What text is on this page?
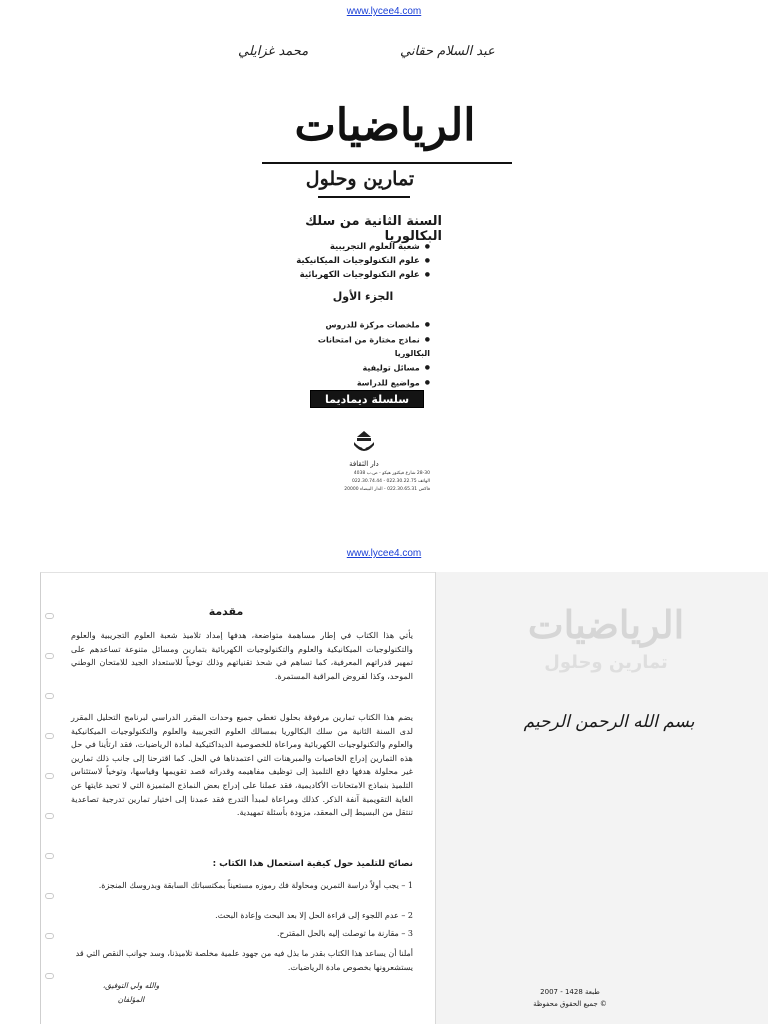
www.lycee4.com
عبد السلام حقاني
محمد غزايلي
الرياضيات
تمارين وحلول
السنة الثانية من سلك البكالوريا
● شعبة العلوم التجريبية
● علوم التكنولوجيات الميكانيكية
● علوم التكنولوجيات الكهربائية
الجزء الأول
● ملخصات مركزة للدروس
● نماذج مختارة من امتحانات البكالوريا
● مسائل توليفية
● مواضيع للدراسة
سلسلة ديماديما
دار الثقافة
28-30 شارع فيكتور هيكو - ص.ب 4038
الهاتف 022.30.22.75 - 022.30.74.44
فاكس 022.30.65.31 - الدار البيضاء 20000
www.lycee4.com
مقدمة

يأتي هذا الكتاب في إطار مساهمة متواضعة، هدفها إمداد تلاميذ شعبة العلوم التجريبية والعلوم والتكنولوجيات الميكانيكية والعلوم والتكنولوجيات الكهربائية بتمارين ومسائل متنوعة تساعدهم على تمهير قدراتهم المعرفية، كما تساهم في شحذ تقنياتهم وذلك توخياً للاستعداد الجيد للامتحان الوطني الموحد، وكذا لفروض المراقبة المستمرة.

يضم هذا الكتاب تمارين مرفوقة بحلول تغطي جميع وحدات المقرر الدراسي لبرنامج التحليل المقرر لدى السنة الثانية من سلك البكالوريا بمسالك العلوم التجريبية والعلوم والتكنولوجيات الميكانيكية والعلوم والتكنولوجيات الكهربائية ومراعاة للخصوصية الديداكتيكية لمادة الرياضيات، فقد ارتأينا في حل هذه التمارين إدراج الخاصيات والمبرهنات التي اعتمدناها في الحل. كما اقترحنا إلى جانب ذلك تمارين غير محلولة هدفها دفع التلميذ إلى توظيف مفاهيمه وقدراته قصد تقويمها وقياسها، وتوخياً لاستئناس التلميذ بنماذج الامتحانات الأكاديمية، فقد عملنا على إدراج بعض النماذج المتميزة التي لا تحيد غايتها عن الغاية التقويمية آنفة الذكر. كذلك ومراعاة لمبدأ التدرج فقد عمدنا إلى اختيار تمارين تدرجية تصاعدية تنتقل من البسيط إلى المعقد، مزودة بأسئلة تمهيدية.

نصائح للتلميذ حول كيفية استعمال هذا الكتاب :

1 – يجب أولاً دراسة التمرين ومحاولة فك رموزه مستعيناً بمكتسباتك السابقة وبدروسك المنجزة.

2 – عدم اللجوء إلى قراءة الحل إلا بعد البحث وإعادة البحث.

3 – مقارنة ما توصلت إليه بالحل المقترح.

أملنا أن يساعد هذا الكتاب بقدر ما بذل فيه من جهود علمية مخلصة تلاميذنا، وسد جوانب النقص التي قد يستشعرونها بخصوص مادة الرياضيات.

والله ولي التوفيق،
المؤلفان
الرياضيات
تمارين وحلول
بسم الله الرحمن الرحيم
طبعة 1428 - 2007
© جميع الحقوق محفوظة
